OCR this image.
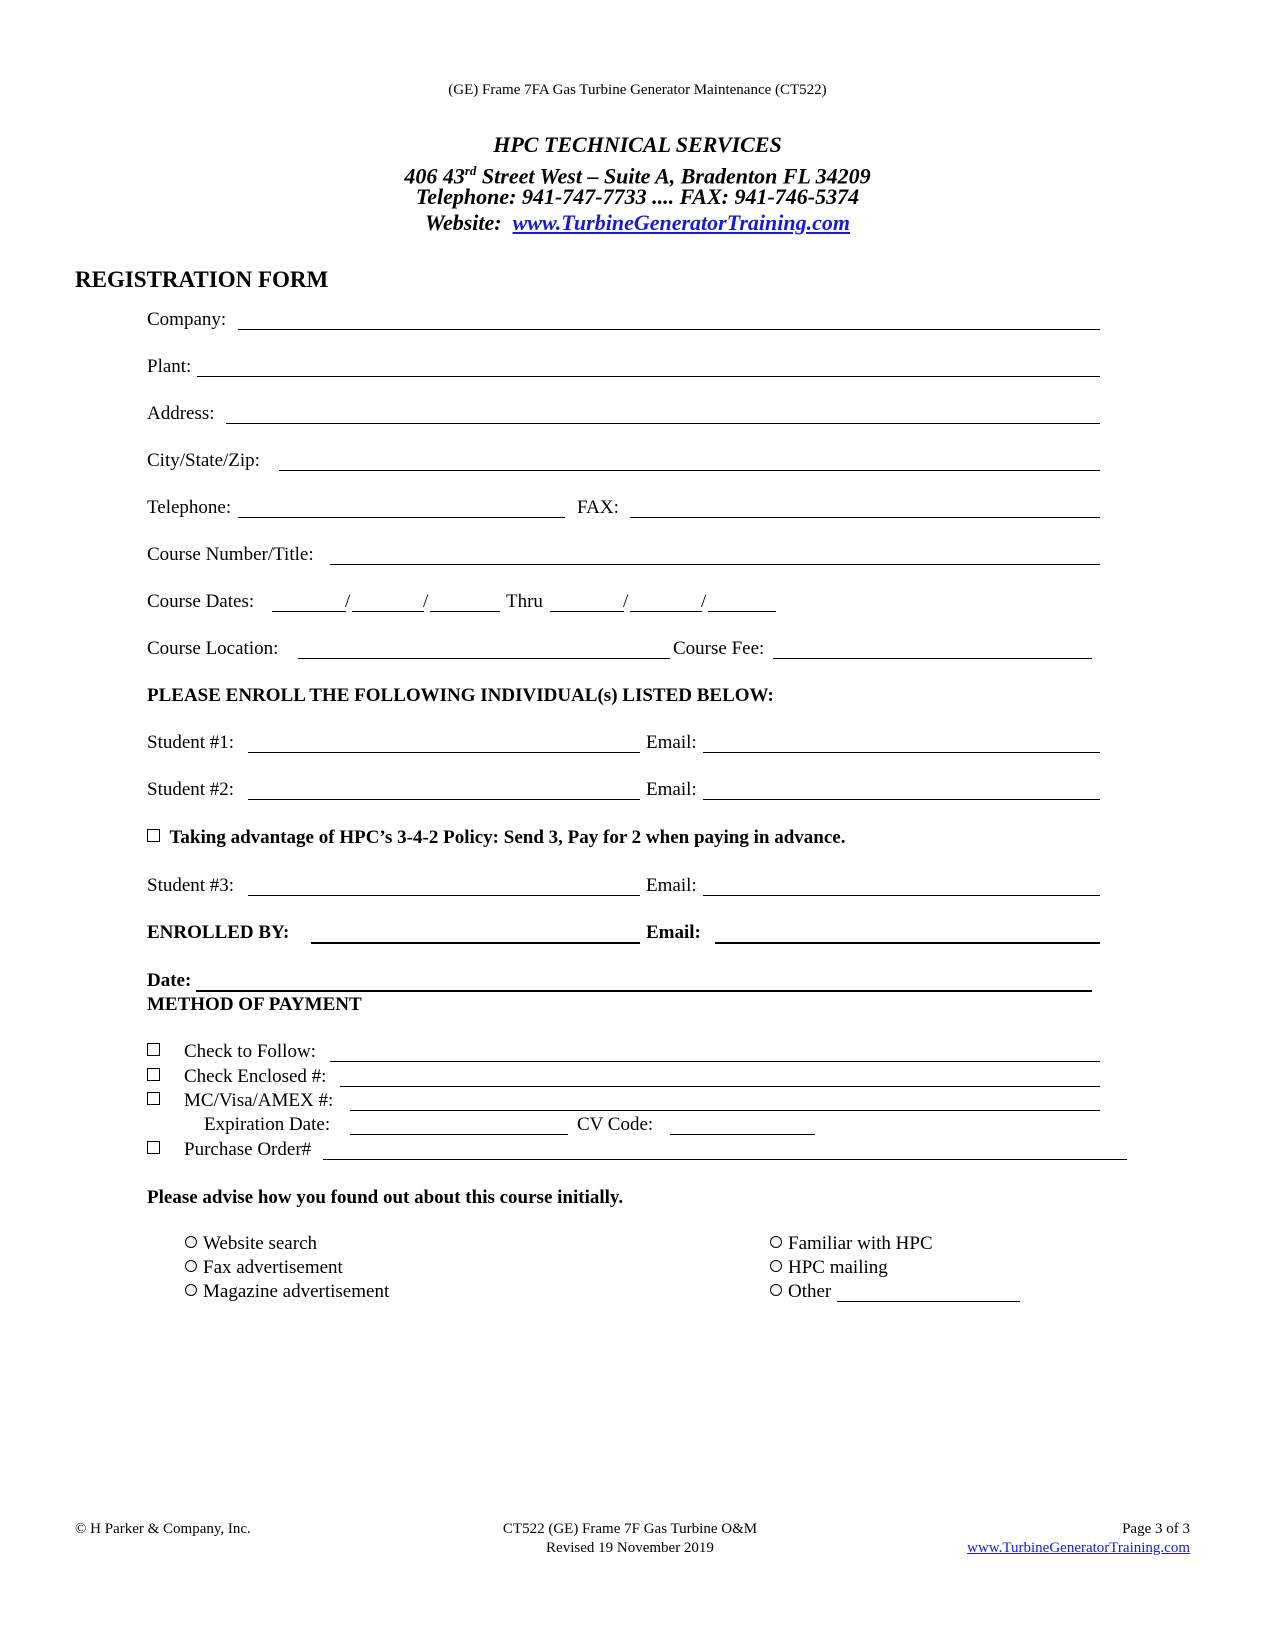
(GE) Frame 7FA Gas Turbine Generator Maintenance (CT522)
HPC TECHNICAL SERVICES
406 43rd Street West – Suite A, Bradenton FL 34209
Telephone: 941-747-7733 .... FAX: 941-746-5374
Website: www.TurbineGeneratorTraining.com
REGISTRATION FORM
Company:
Plant:
Address:
City/State/Zip:
Telephone:	FAX:
Course Number/Title:
Course Dates:	/	/	Thru	/	/
Course Location:	Course Fee:
PLEASE ENROLL THE FOLLOWING INDIVIDUAL(s) LISTED BELOW:
Student #1:	Email:
Student #2:	Email:
Taking advantage of HPC’s 3-4-2 Policy: Send 3, Pay for 2 when paying in advance.
Student #3:	Email:
ENROLLED BY:	Email:
Date:
METHOD OF PAYMENT
Check to Follow:
Check Enclosed #:
MC/Visa/AMEX #:
Expiration Date:	CV Code:
Purchase Order#
Please advise how you found out about this course initially.
Website search
Fax advertisement
Magazine advertisement
Familiar with HPC
HPC mailing
Other
© H Parker & Company, Inc.	CT522 (GE) Frame 7F Gas Turbine O&M
Revised 19 November 2019
Page 3 of 3
www.TurbineGeneratorTraining.com
